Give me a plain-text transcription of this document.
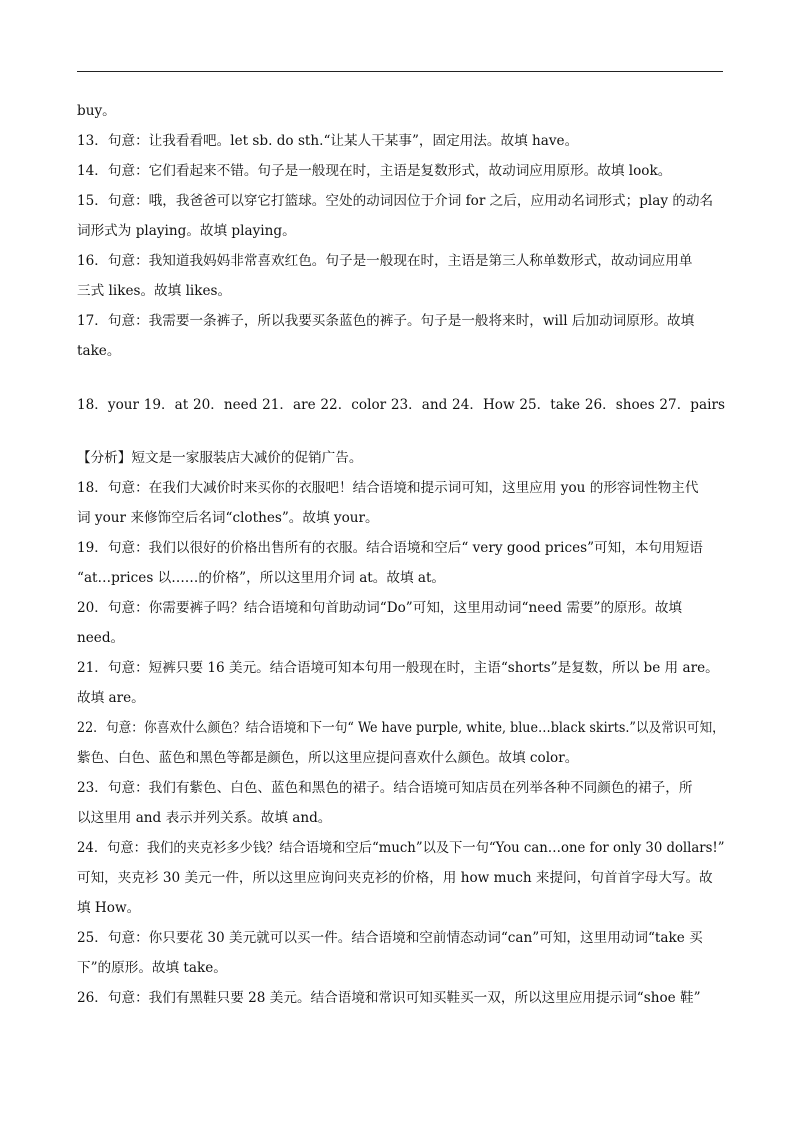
buy。
13．句意：让我看看吧。let sb. do sth.“让某人干某事”，固定用法。故填 have。
14．句意：它们看起来不错。句子是一般现在时，主语是复数形式，故动词应用原形。故填 look。
15．句意：哦，我爸爸可以穿它打篮球。空处的动词因位于介词 for 之后，应用动名词形式；play 的动名
词形式为 playing。故填 playing。
16．句意：我知道我妈妈非常喜欢红色。句子是一般现在时，主语是第三人称单数形式，故动词应用单
三式 likes。故填 likes。
17．句意：我需要一条裤子，所以我要买条蓝色的裤子。句子是一般将来时，will 后加动词原形。故填
take。
18．your 19．at 20．need 21．are 22．color 23．and 24．How 25．take 26．shoes 27．pairs
【分析】短文是一家服装店大减价的促销广告。
18．句意：在我们大减价时来买你的衣服吧！结合语境和提示词可知，这里应用 you 的形容词性物主代
词 your 来修饰空后名词“clothes”。故填 your。
19．句意：我们以很好的价格出售所有的衣服。结合语境和空后“ very good prices”可知，本句用短语
“at…prices 以……的价格”，所以这里用介词 at。故填 at。
20．句意：你需要裤子吗？结合语境和句首助动词“Do”可知，这里用动词“need 需要”的原形。故填
need。
21．句意：短裤只要 16 美元。结合语境可知本句用一般现在时，主语“shorts”是复数，所以 be 用 are。
故填 are。
22．句意：你喜欢什么颜色？结合语境和下一句“ We have purple, white, blue…black skirts.”以及常识可知，
紫色、白色、蓝色和黑色等都是颜色，所以这里应提问喜欢什么颜色。故填 color。
23．句意：我们有紫色、白色、蓝色和黑色的裙子。结合语境可知店员在列举各种不同颜色的裙子，所
以这里用 and 表示并列关系。故填 and。
24．句意：我们的夹克衫多少钱？结合语境和空后“much”以及下一句“You can…one for only 30 dollars!”
可知，夹克衫 30 美元一件，所以这里应询问夹克衫的价格，用 how much 来提问，句首首字母大写。故
填 How。
25．句意：你只要花 30 美元就可以买一件。结合语境和空前情态动词“can”可知，这里用动词“take 买
下”的原形。故填 take。
26．句意：我们有黑鞋只要 28 美元。结合语境和常识可知买鞋买一双，所以这里应用提示词“shoe 鞋”
